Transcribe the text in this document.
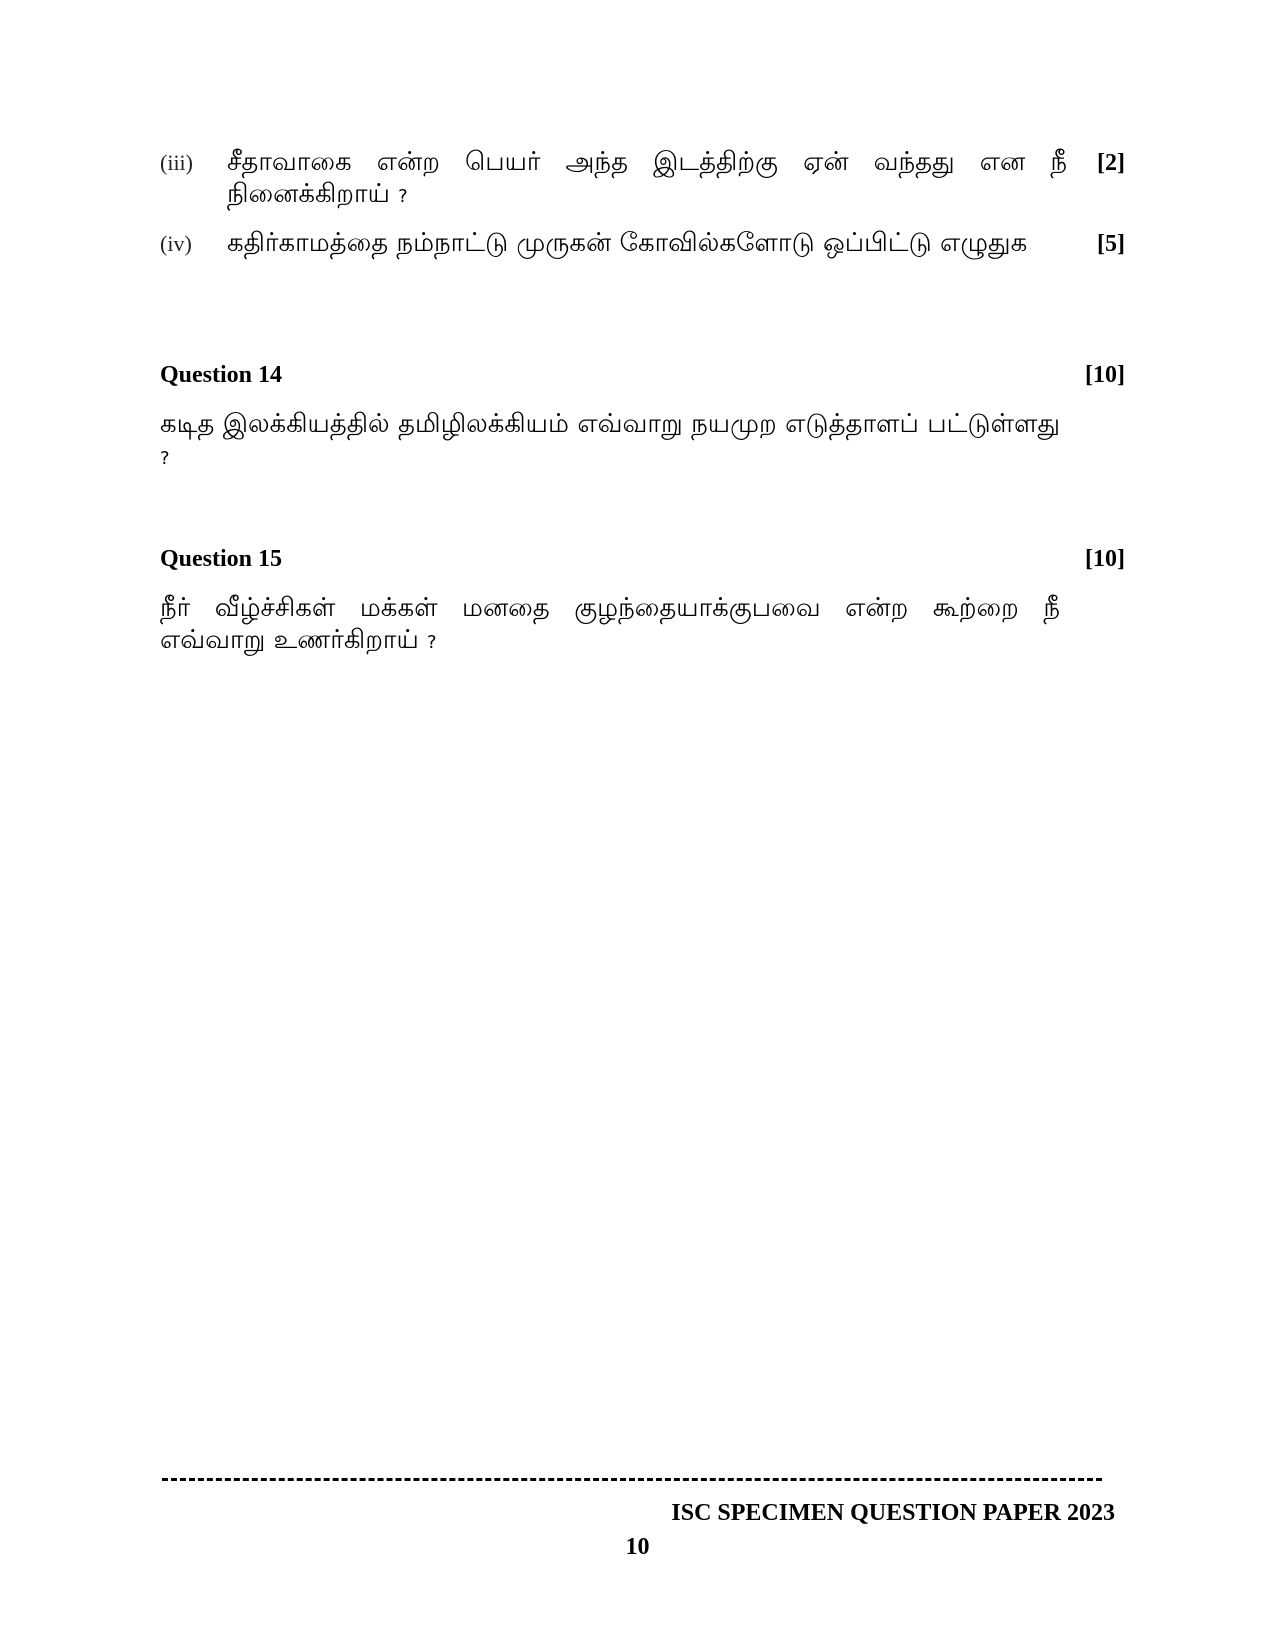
(iii) சீதாவாகை என்ற பெயர் அந்த இடத்திற்கு ஏன் வந்தது என நீ நினைக்கிறாய் ?
[2]
(iv) கதிர்காமத்தை நம்நாட்டு முருகன் கோவில்களோடு ஒப்பிட்டு எழுதுக	[5]
Question 14	[10]
கடித இலக்கியத்தில் தமிழிலக்கியம் எவ்வாறு நயமுற எடுத்தாளப் பட்டுள்ளது ?
Question 15	[10]
நீர் வீழ்ச்சிகள் மக்கள் மனதை குழந்தையாக்குபவை என்ற கூற்றை நீ எவ்வாறு உணர்கிறாய் ?
ISC SPECIMEN QUESTION PAPER 2023
10
